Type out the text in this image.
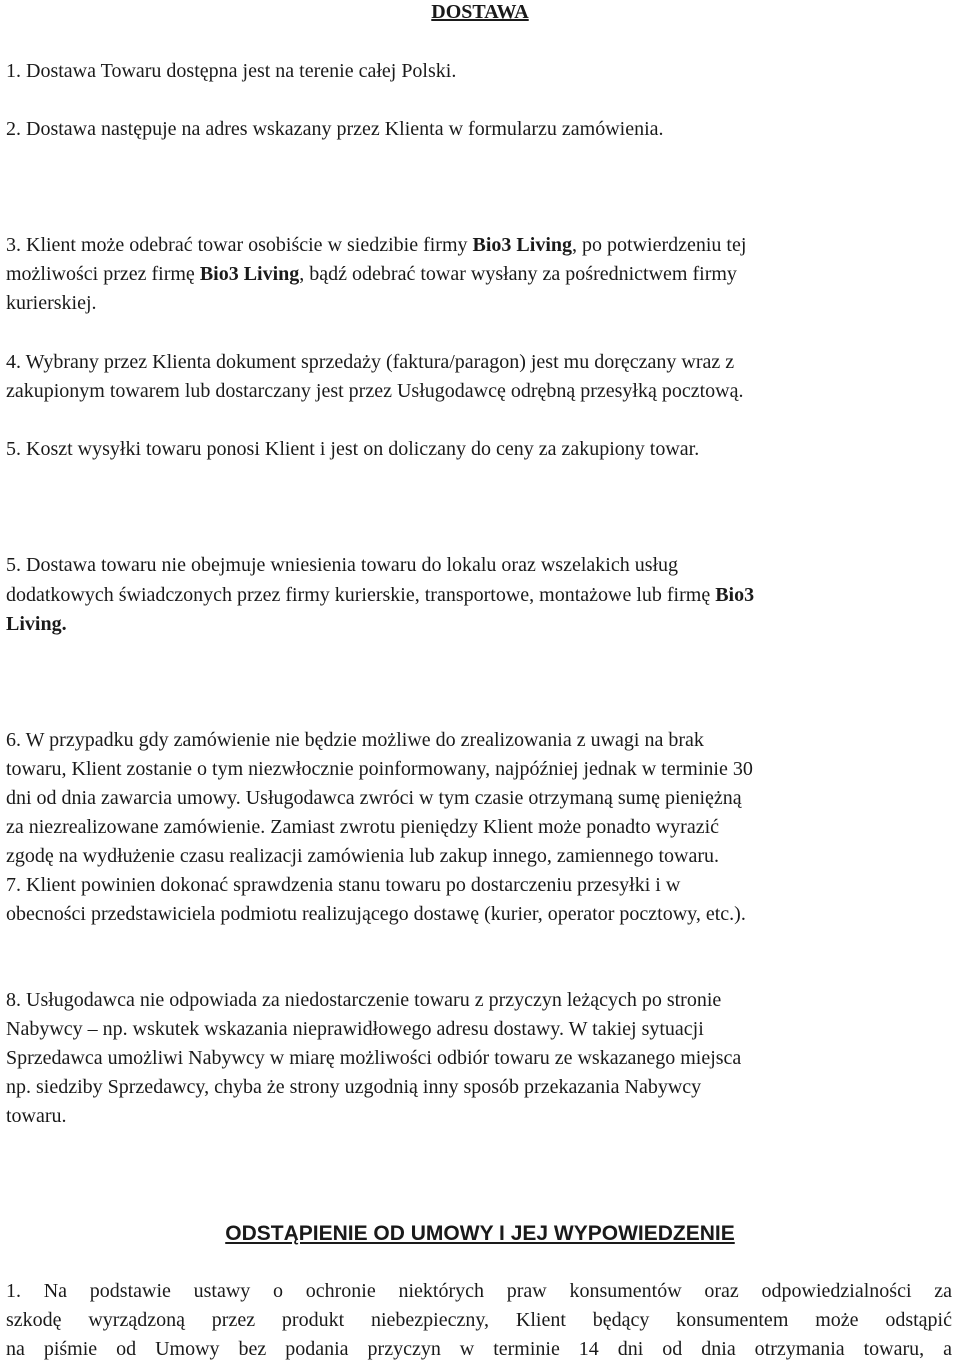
DOSTAWA
1. Dostawa Towaru dostępna jest na terenie całej Polski.
2. Dostawa następuje na adres wskazany przez Klienta w formularzu zamówienia.
3. Klient może odebrać towar osobiście w siedzibie firmy Bio3 Living, po potwierdzeniu tej
możliwości przez firmę Bio3 Living, bądź odebrać towar wysłany za pośrednictwem firmy
kurierskiej.
4. Wybrany przez Klienta dokument sprzedaży (faktura/paragon) jest mu doręczany wraz z
zakupionym towarem lub dostarczany jest przez Usługodawcę odrębną przesyłką pocztową.
5. Koszt wysyłki towaru ponosi Klient i jest on doliczany do ceny za zakupiony towar.
5. Dostawa towaru nie obejmuje wniesienia towaru do lokalu oraz wszelakich usług
dodatkowych świadczonych przez firmy kurierskie, transportowe, montażowe lub firmę Bio3
Living.
6. W przypadku gdy zamówienie nie będzie możliwe do zrealizowania z uwagi na brak
towaru, Klient zostanie o tym niezwłocznie poinformowany, najpóźniej jednak w terminie 30
dni od dnia zawarcia umowy. Usługodawca zwróci w tym czasie otrzymaną sumę pieniężną
za niezrealizowane zamówienie. Zamiast zwrotu pieniędzy Klient może ponadto wyrazić
zgodę na wydłużenie czasu realizacji zamówienia lub zakup innego, zamiennego towaru.
7. Klient powinien dokonać sprawdzenia stanu towaru po dostarczeniu przesyłki i w
obecności przedstawiciela podmiotu realizującego dostawę (kurier, operator pocztowy, etc.).
8. Usługodawca nie odpowiada za niedostarczenie towaru z przyczyn leżących po stronie
Nabywcy – np. wskutek wskazania nieprawidłowego adresu dostawy. W takiej sytuacji
Sprzedawca umożliwi Nabywcy w miarę możliwości odbiór towaru ze wskazanego miejsca
np. siedziby Sprzedawcy, chyba że strony uzgodnią inny sposób przekazania Nabywcy
towaru.
ODSTĄPIENIE OD UMOWY I JEJ WYPOWIEDZENIE
1. Na podstawie ustawy o ochronie niektórych praw konsumentów oraz odpowiedzialności za
szkodę wyrządzoną przez produkt niebezpieczny, Klient będący konsumentem może odstąpić
na piśmie od Umowy bez podania przyczyn w terminie 14 dni od dnia otrzymania towaru, a
